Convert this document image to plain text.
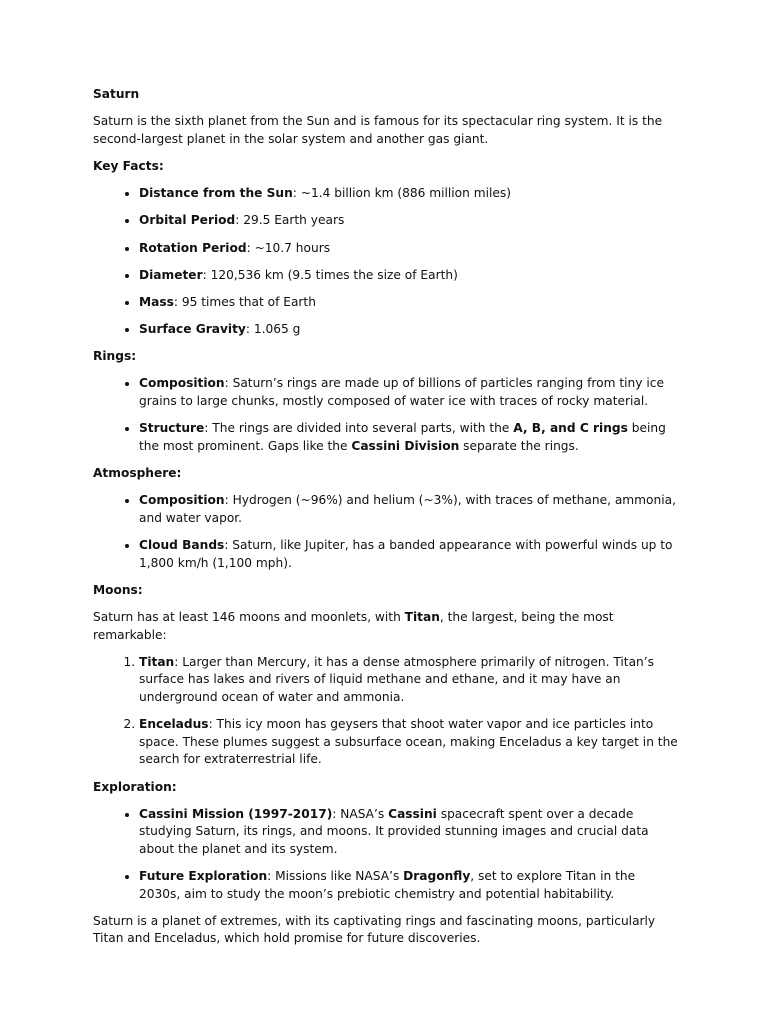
Saturn

Saturn is the sixth planet from the Sun and is famous for its spectacular ring system. It is the second-largest planet in the solar system and another gas giant.

Key Facts:
• Distance from the Sun: ~1.4 billion km (886 million miles)
• Orbital Period: 29.5 Earth years
• Rotation Period: ~10.7 hours
• Diameter: 120,536 km (9.5 times the size of Earth)
• Mass: 95 times that of Earth
• Surface Gravity: 1.065 g
Rings:
• Composition: Saturn’s rings are made up of billions of particles ranging from tiny ice grains to large chunks, mostly composed of water ice with traces of rocky material.
• Structure: The rings are divided into several parts, with the A, B, and C rings being the most prominent. Gaps like the Cassini Division separate the rings.
Atmosphere:
• Composition: Hydrogen (~96%) and helium (~3%), with traces of methane, ammonia, and water vapor.
• Cloud Bands: Saturn, like Jupiter, has a banded appearance with powerful winds up to 1,800 km/h (1,100 mph).
Moons:

Saturn has at least 146 moons and moonlets, with Titan, the largest, being the most remarkable:

1. Titan: Larger than Mercury, it has a dense atmosphere primarily of nitrogen. Titan’s surface has lakes and rivers of liquid methane and ethane, and it may have an underground ocean of water and ammonia.
2. Enceladus: This icy moon has geysers that shoot water vapor and ice particles into space. These plumes suggest a subsurface ocean, making Enceladus a key target in the search for extraterrestrial life.
Exploration:
• Cassini Mission (1997-2017): NASA’s Cassini spacecraft spent over a decade studying Saturn, its rings, and moons. It provided stunning images and crucial data about the planet and its system.
• Future Exploration: Missions like NASA’s Dragonfly, set to explore Titan in the 2030s, aim to study the moon’s prebiotic chemistry and potential habitability.

Saturn is a planet of extremes, with its captivating rings and fascinating moons, particularly Titan and Enceladus, which hold promise for future discoveries.
